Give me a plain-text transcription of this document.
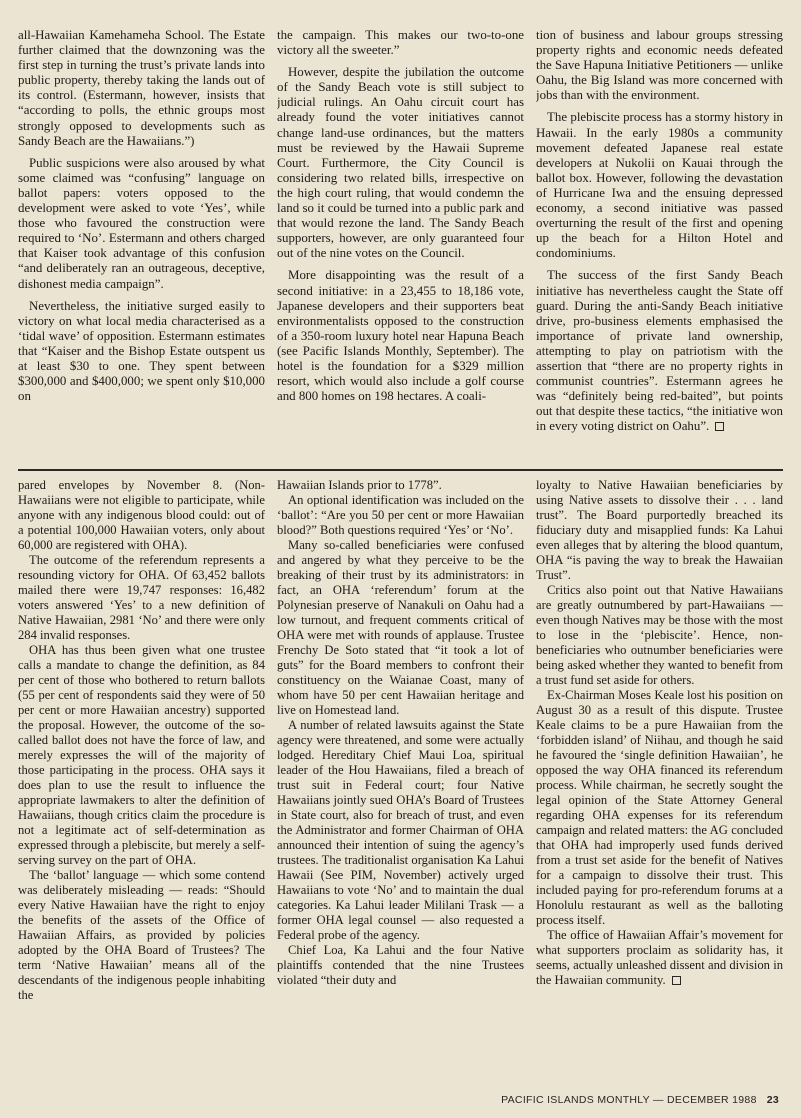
all-Hawaiian Kamehameha School. The Estate further claimed that the downzoning was the first step in turning the trust’s private lands into public property, thereby taking the lands out of its control. (Estermann, however, insists that “according to polls, the ethnic groups most strongly opposed to developments such as Sandy Beach are the Hawaiians.”)

Public suspicions were also aroused by what some claimed was “confusing” language on ballot papers: voters opposed to the development were asked to vote ‘Yes’, while those who favoured the construction were required to ‘No’. Estermann and others charged that Kaiser took advantage of this confusion “and deliberately ran an outrageous, deceptive, dishonest media campaign”.

Nevertheless, the initiative surged easily to victory on what local media characterised as a ‘tidal wave’ of opposition. Estermann estimates that “Kaiser and the Bishop Estate outspent us at least $30 to one. They spent between $300,000 and $400,000; we spent only $10,000 on

the campaign. This makes our two-to-one victory all the sweeter.”

However, despite the jubilation the outcome of the Sandy Beach vote is still subject to judicial rulings. An Oahu circuit court has already found the voter initiatives cannot change land-use ordinances, but the matters must be reviewed by the Hawaii Supreme Court. Furthermore, the City Council is considering two related bills, irrespective on the high court ruling, that would condemn the land so it could be turned into a public park and that would rezone the land. The Sandy Beach supporters, however, are only guaranteed four out of the nine votes on the Council.

More disappointing was the result of a second initiative: in a 23,455 to 18,186 vote, Japanese developers and their supporters beat environmentalists opposed to the construction of a 350-room luxury hotel near Hapuna Beach (see Pacific Islands Monthly, September). The hotel is the foundation for a $329 million resort, which would also include a golf course and 800 homes on 198 hectares. A coali-

tion of business and labour groups stressing property rights and economic needs defeated the Save Hapuna Initiative Petitioners — unlike Oahu, the Big Island was more concerned with jobs than with the environment.

The plebiscite process has a stormy history in Hawaii. In the early 1980s a community movement defeated Japanese real estate developers at Nukolii on Kauai through the ballot box. However, following the devastation of Hurricane Iwa and the ensuing depressed economy, a second initiative was passed overturning the result of the first and opening up the beach for a Hilton Hotel and condominiums.

The success of the first Sandy Beach initiative has nevertheless caught the State off guard. During the anti-Sandy Beach initiative drive, pro-business elements emphasised the importance of private land ownership, attempting to play on patriotism with the assertion that “there are no property rights in communist countries”. Estermann agrees he was “definitely being red-baited”, but points out that despite these tactics, “the initiative won in every voting district on Oahu”.

pared envelopes by November 8. (Non-Hawaiians were not eligible to participate, while anyone with any indigenous blood could: out of a potential 100,000 Hawaiian voters, only about 60,000 are registered with OHA).

The outcome of the referendum represents a resounding victory for OHA. Of 63,452 ballots mailed there were 19,747 responses: 16,482 voters answered ‘Yes’ to a new definition of Native Hawaiian, 2981 ‘No’ and there were only 284 invalid responses.

OHA has thus been given what one trustee calls a mandate to change the definition, as 84 per cent of those who bothered to return ballots (55 per cent of respondents said they were of 50 per cent or more Hawaiian ancestry) supported the proposal. However, the outcome of the so-called ballot does not have the force of law, and merely expresses the will of the majority of those participating in the process. OHA says it does plan to use the result to influence the appropriate lawmakers to alter the definition of Hawaiians, though critics claim the procedure is not a legitimate act of self-determination as expressed through a plebiscite, but merely a self-serving survey on the part of OHA.

The ‘ballot’ language — which some contend was deliberately misleading — reads: “Should every Native Hawaiian have the right to enjoy the benefits of the assets of the Office of Hawaiian Affairs, as provided by policies adopted by the OHA Board of Trustees? The term ‘Native Hawaiian’ means all of the descendants of the indigenous people inhabiting the

Hawaiian Islands prior to 1778”.

An optional identification was included on the ‘ballot’: “Are you 50 per cent or more Hawaiian blood?” Both questions required ‘Yes’ or ‘No’.

Many so-called beneficiaries were confused and angered by what they perceive to be the breaking of their trust by its administrators: in fact, an OHA ‘referendum’ forum at the Polynesian preserve of Nanakuli on Oahu had a low turnout, and frequent comments critical of OHA were met with rounds of applause. Trustee Frenchy De Soto stated that “it took a lot of guts” for the Board members to confront their constituency on the Waianae Coast, many of whom have 50 per cent Hawaiian heritage and live on Homestead land.

A number of related lawsuits against the State agency were threatened, and some were actually lodged. Hereditary Chief Maui Loa, spiritual leader of the Hou Hawaiians, filed a breach of trust suit in Federal court; four Native Hawaiians jointly sued OHA’s Board of Trustees in State court, also for breach of trust, and even the Administrator and former Chairman of OHA announced their intention of suing the agency’s trustees. The traditionalist organisation Ka Lahui Hawaii (See PIM, November) actively urged Hawaiians to vote ‘No’ and to maintain the dual categories. Ka Lahui leader Mililani Trask — a former OHA legal counsel — also requested a Federal probe of the agency.

Chief Loa, Ka Lahui and the four Native plaintiffs contended that the nine Trustees violated “their duty and

loyalty to Native Hawaiian beneficiaries by using Native assets to dissolve their . . . land trust”. The Board purportedly breached its fiduciary duty and misapplied funds: Ka Lahui even alleges that by altering the blood quantum, OHA “is paving the way to break the Hawaiian Trust”.

Critics also point out that Native Hawaiians are greatly outnumbered by part-Hawaiians — even though Natives may be those with the most to lose in the ‘plebiscite’. Hence, non-beneficiaries who outnumber beneficiaries were being asked whether they wanted to benefit from a trust fund set aside for others.

Ex-Chairman Moses Keale lost his position on August 30 as a result of this dispute. Trustee Keale claims to be a pure Hawaiian from the ‘forbidden island’ of Niihau, and though he said he favoured the ‘single definition Hawaiian’, he opposed the way OHA financed its referendum process. While chairman, he secretly sought the legal opinion of the State Attorney General regarding OHA expenses for its referendum campaign and related matters: the AG concluded that OHA had improperly used funds derived from a trust set aside for the benefit of Natives for a campaign to dissolve their trust. This included paying for pro-referendum forums at a Honolulu restaurant as well as the balloting process itself.

The office of Hawaiian Affair’s movement for what supporters proclaim as solidarity has, it seems, actually unleashed dissent and division in the Hawaiian community.

PACIFIC ISLANDS MONTHLY — DECEMBER 1988 23
